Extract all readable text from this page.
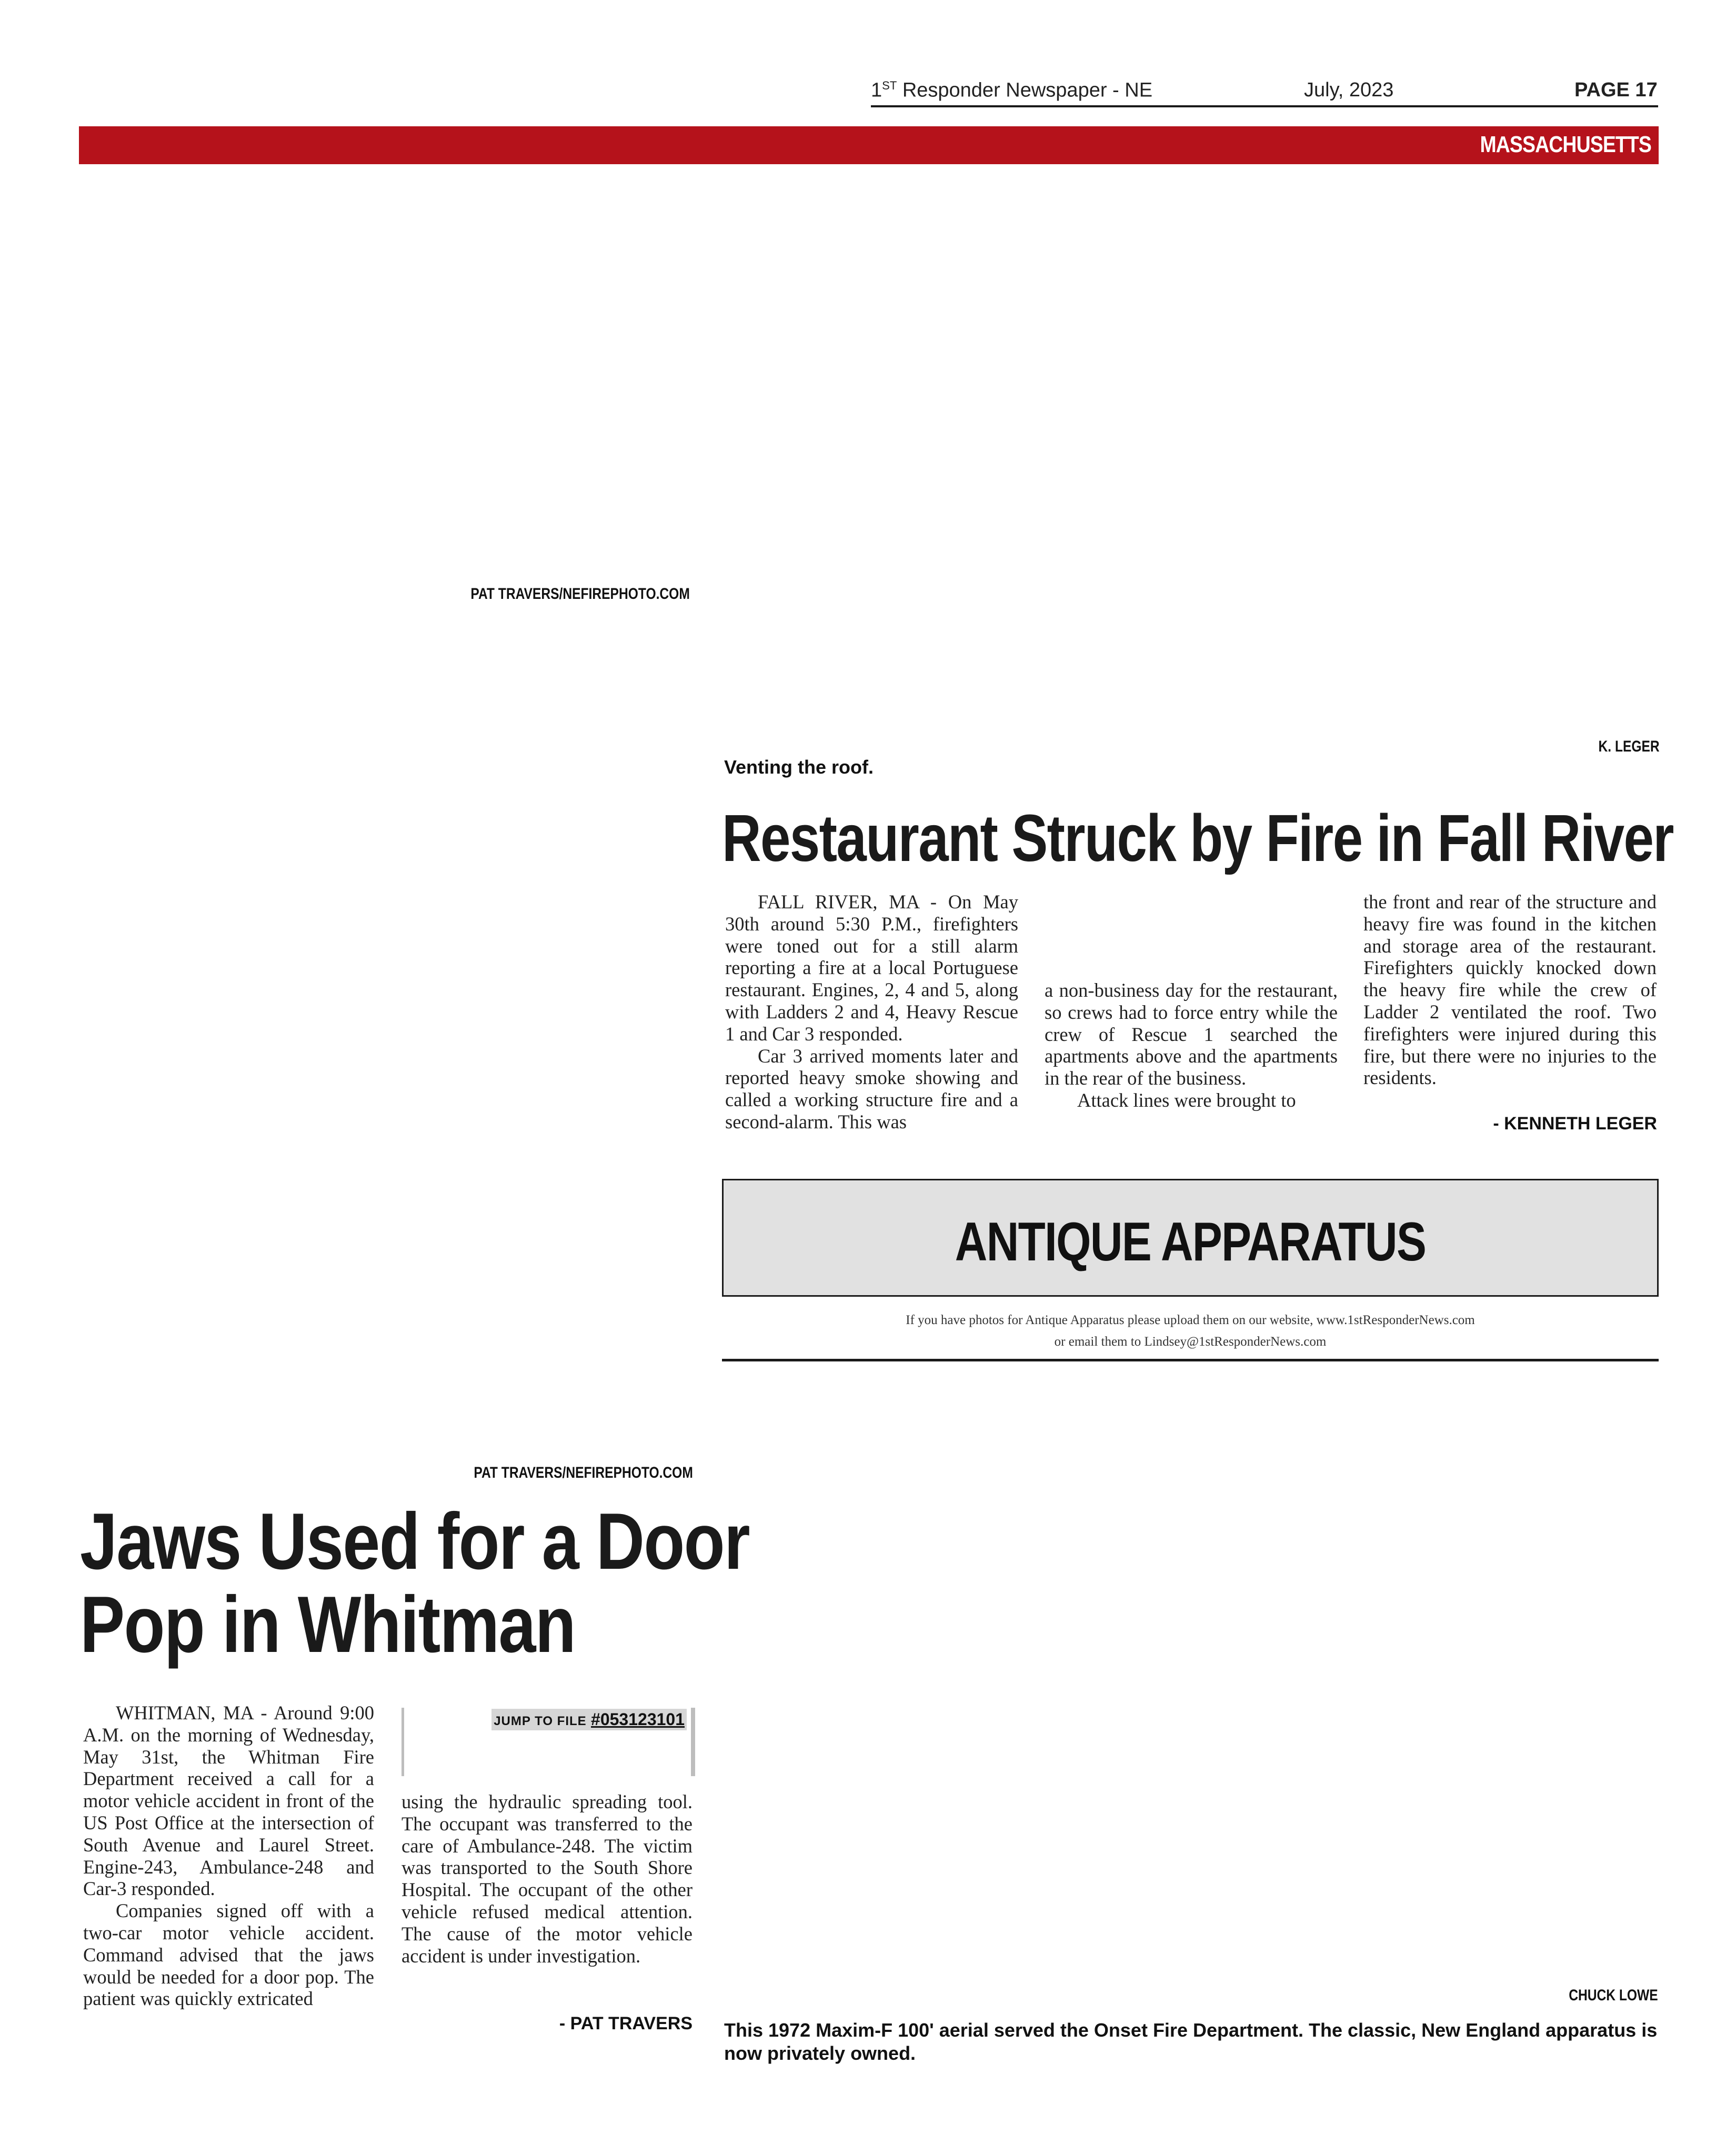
1ST Responder Newspaper - NE	July, 2023	PAGE 17
MASSACHUSETTS
PAT TRAVERS/NEFIREPHOTO.COM
K. LEGER
Venting the roof.
Restaurant Struck by Fire in Fall River

FALL RIVER, MA - On May 30th around 5:30 P.M., firefighters were toned out for a still alarm reporting a fire at a local Portuguese restaurant. Engines, 2, 4 and 5, along with Ladders 2 and 4, Heavy Rescue 1 and Car 3 responded.

Car 3 arrived moments later and reported heavy smoke showing and called a working structure fire and a second-alarm. This was

a non-business day for the restaurant, so crews had to force entry while the crew of Rescue 1 searched the apartments above and the apartments in the rear of the business.

Attack lines were brought to

the front and rear of the structure and heavy fire was found in the kitchen and storage area of the restaurant. Firefighters quickly knocked down the heavy fire while the crew of Ladder 2 ventilated the roof. Two firefighters were injured during this fire, but there were no injuries to the residents.

- KENNETH LEGER
ANTIQUE APPARATUS
If you have photos for Antique Apparatus please upload them on our website, www.1stResponderNews.com
or email them to Lindsey@1stResponderNews.com
CHUCK LOWE
This 1972 Maxim-F 100' aerial served the Onset Fire Department. The classic, New England apparatus is now privately owned.
PAT TRAVERS/NEFIREPHOTO.COM
Jaws Used for a Door
Pop in Whitman

WHITMAN, MA - Around 9:00 A.M. on the morning of Wednesday, May 31st, the Whitman Fire Department received a call for a motor vehicle accident in front of the US Post Office at the intersection of South Avenue and Laurel Street. Engine-243, Ambulance-248 and Car-3 responded.

Companies signed off with a two-car motor vehicle accident. Command advised that the jaws would be needed for a door pop. The patient was quickly extricated

JUMP TO FILE #053123101

using the hydraulic spreading tool. The occupant was transferred to the care of Ambulance-248. The victim was transported to the South Shore Hospital. The occupant of the other vehicle refused medical attention. The cause of the motor vehicle accident is under investigation.

- PAT TRAVERS
